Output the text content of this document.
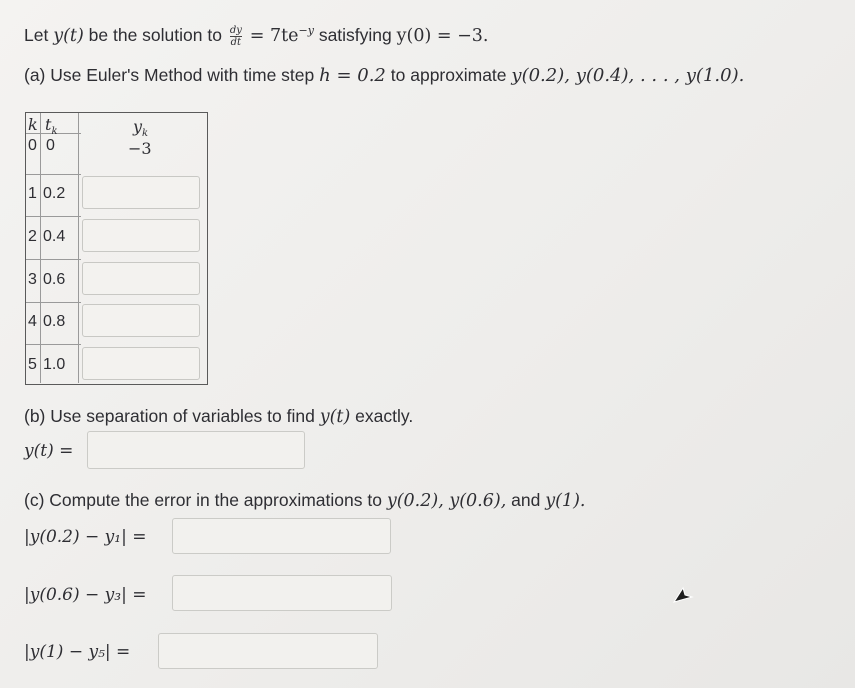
Let y(t) be the solution to $\frac{dy}{dt} = 7te^{-y}$ satisfying y(0) = −3.
(a) Use Euler's Method with time step h = 0.2 to approximate y(0.2), y(0.4), . . . , y(1.0).
k $t_k$	$y_k$
0 0	−3
1 0.2
2 0.4
3 0.6
4 0.8
5 1.0
(b) Use separation of variables to find y(t) exactly.
y(t) =
(c) Compute the error in the approximations to y(0.2), y(0.6), and y(1).
|y(0.2) − y₁| =
|y(0.6) − y₃| =
|y(1) − y₅| =
